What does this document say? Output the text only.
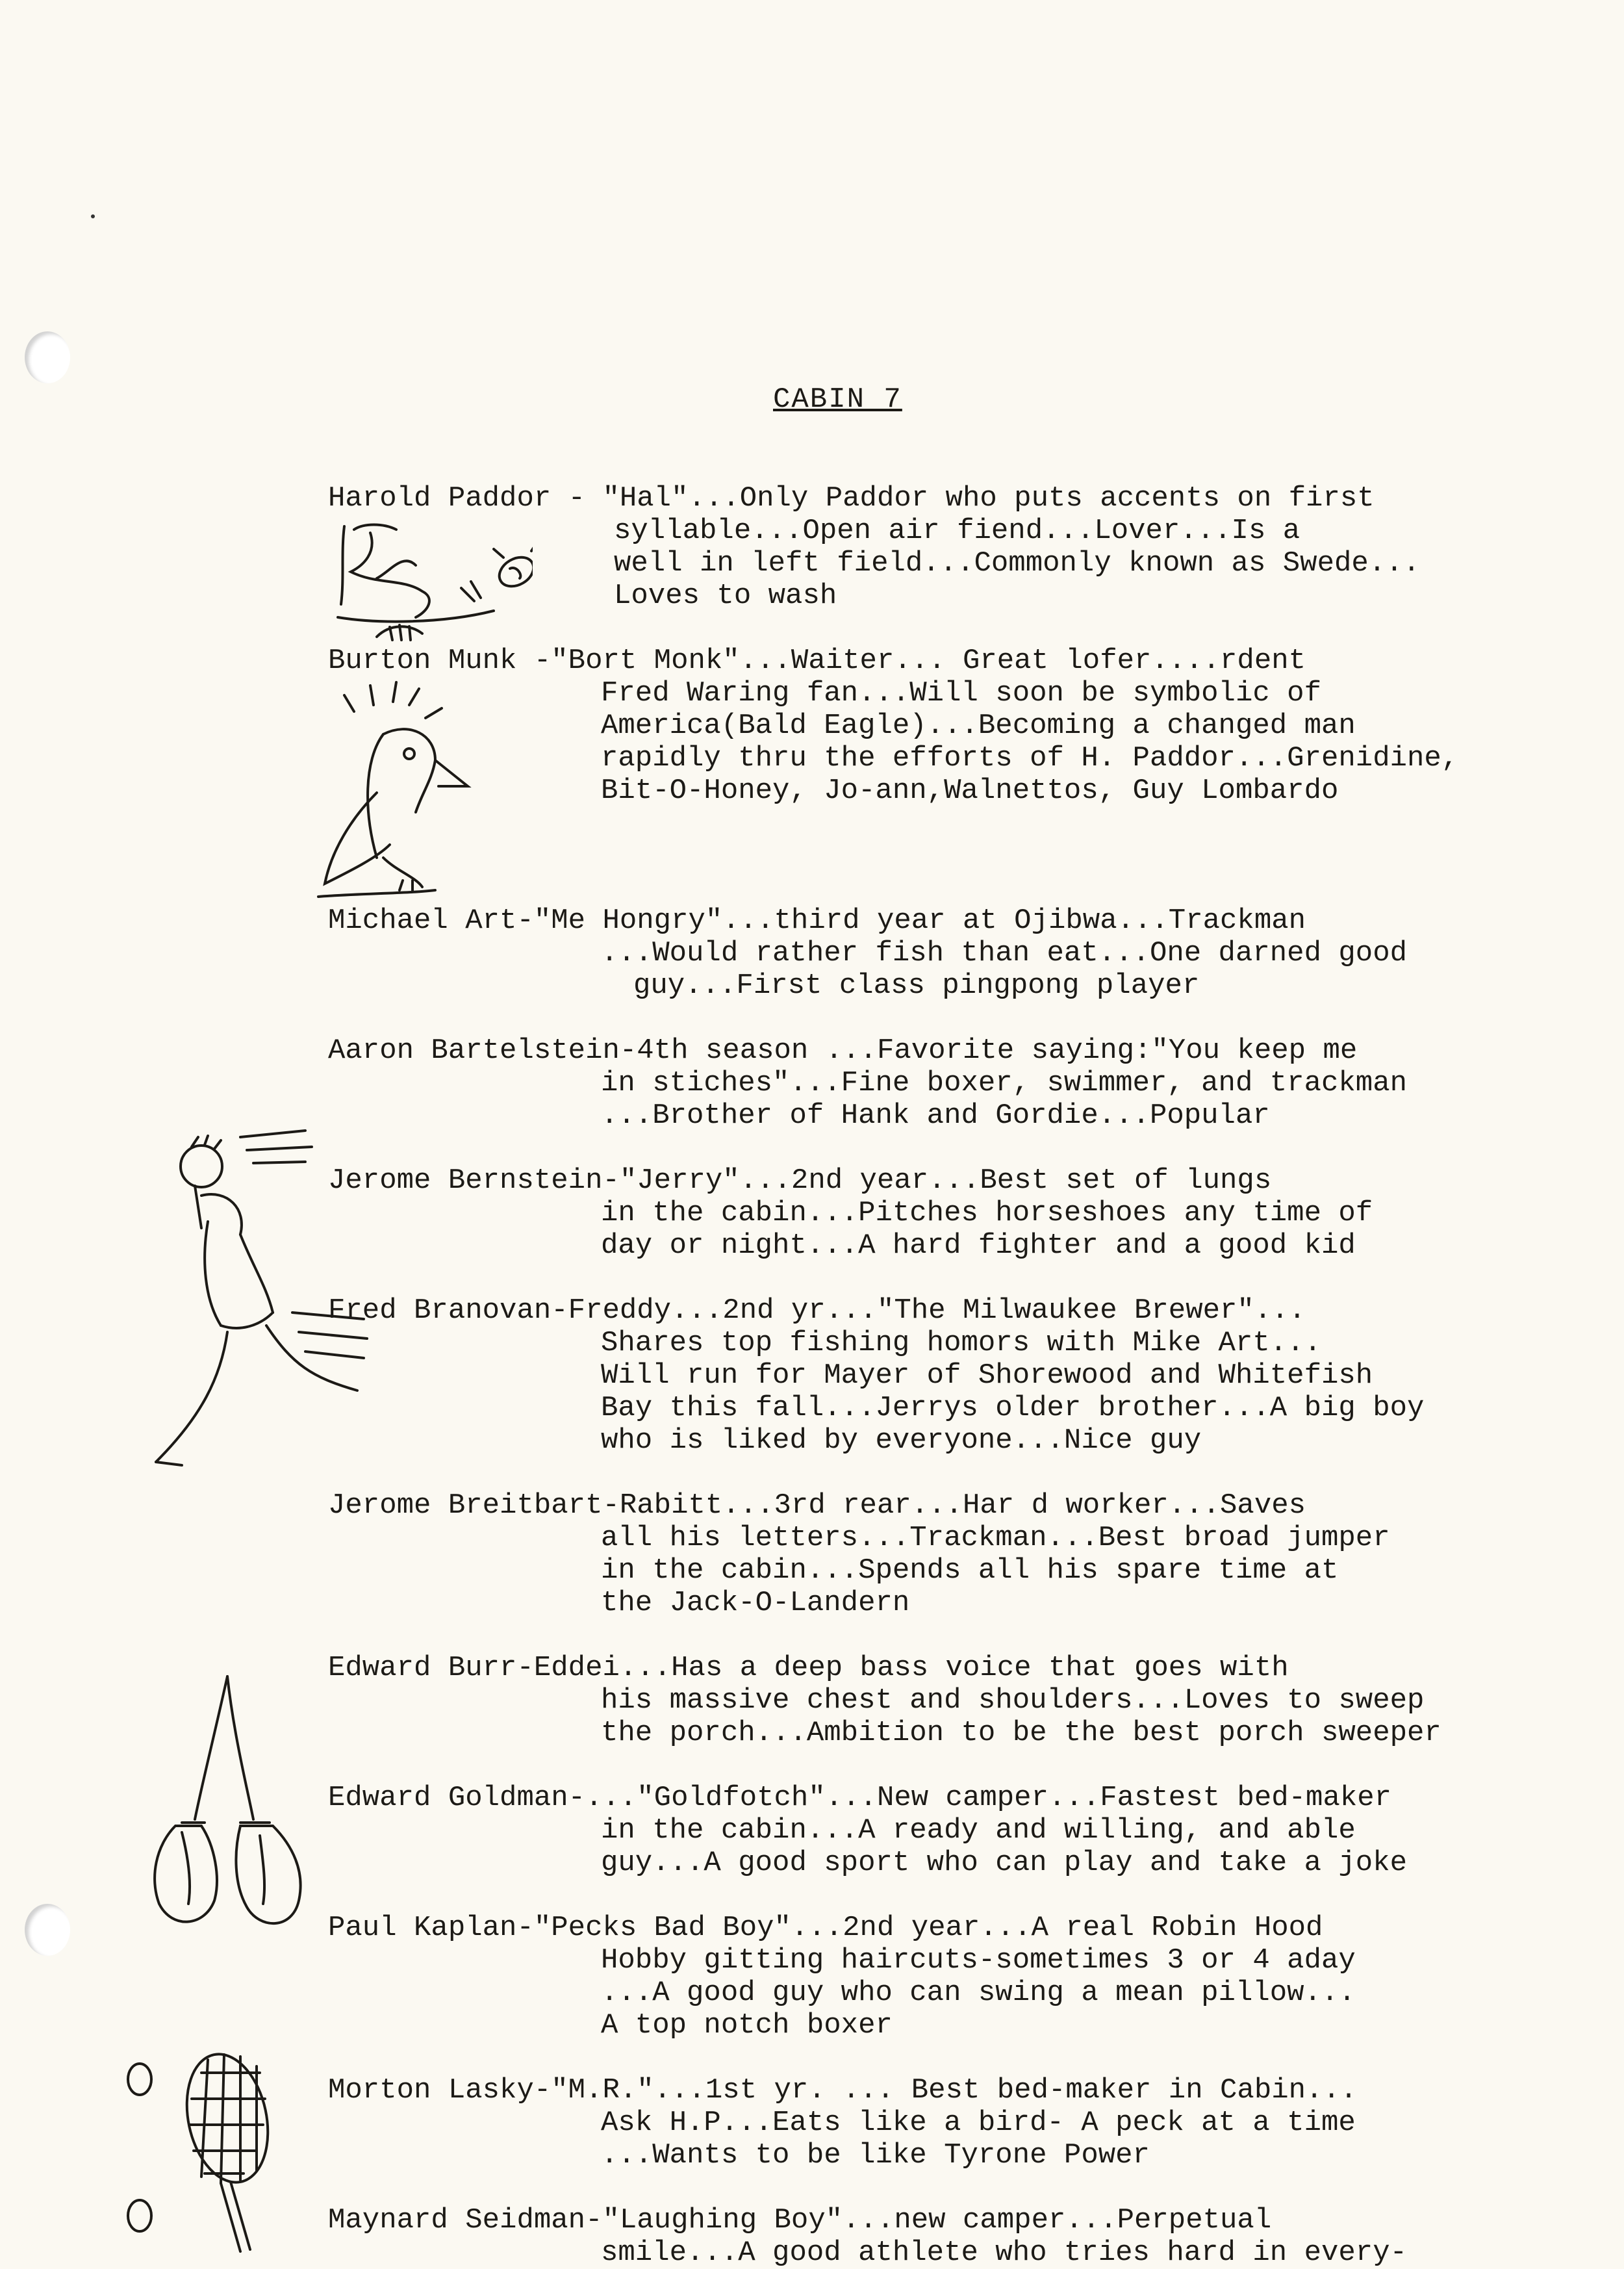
CABIN 7
Harold Paddor - "Hal"...Only Paddor who puts accents on first
syllable...Open air fiend...Lover...Is a
well in left field...Commonly known as Swede...
Loves to wash
Burton Munk -"Bort Monk"...Waiter... Great lofer....rdent
Fred Waring fan...Will soon be symbolic of
America(Bald Eagle)...Becoming a changed man
rapidly thru the efforts of H. Paddor...Grenidine,
Bit-O-Honey, Jo-ann,Walnettos, Guy Lombardo
Michael Art-"Me Hongry"...third year at Ojibwa...Trackman
...Would rather fish than eat...One darned good
guy...First class pingpong player
Aaron Bartelstein-4th season ...Favorite saying:"You keep me
in stiches"...Fine boxer, swimmer, and trackman
...Brother of Hank and Gordie...Popular
Jerome Bernstein-"Jerry"...2nd year...Best set of lungs
in the cabin...Pitches horseshoes any time of
day or night...A hard fighter and a good kid
Fred Branovan-Freddy...2nd yr..."The Milwaukee Brewer"...
Shares top fishing homors with Mike Art...
Will run for Mayer of Shorewood and Whitefish
Bay this fall...Jerrys older brother...A big boy
who is liked by everyone...Nice guy
Jerome Breitbart-Rabitt...3rd rear...Har d worker...Saves
all his letters...Trackman...Best broad jumper
in the cabin...Spends all his spare time at
the Jack-O-Landern
Edward Burr-Eddei...Has a deep bass voice that goes with
his massive chest and shoulders...Loves to sweep
the porch...Ambition to be the best porch sweeper
Edward Goldman-..."Goldfotch"...New camper...Fastest bed-maker
in the cabin...A ready and willing, and able
guy...A good sport who can play and take a joke
Paul Kaplan-"Pecks Bad Boy"...2nd year...A real Robin Hood
Hobby gitting haircuts-sometimes 3 or 4 aday
...A good guy who can swing a mean pillow...
A top notch boxer
Morton Lasky-"M.R."...1st yr. ... Best bed-maker in Cabin...
Ask H.P...Eats like a bird- A peck at a time
...Wants to be like Tyrone Power
Maynard Seidman-"Laughing Boy"...new camper...Perpetual
smile...A good athlete who tries hard in every-
